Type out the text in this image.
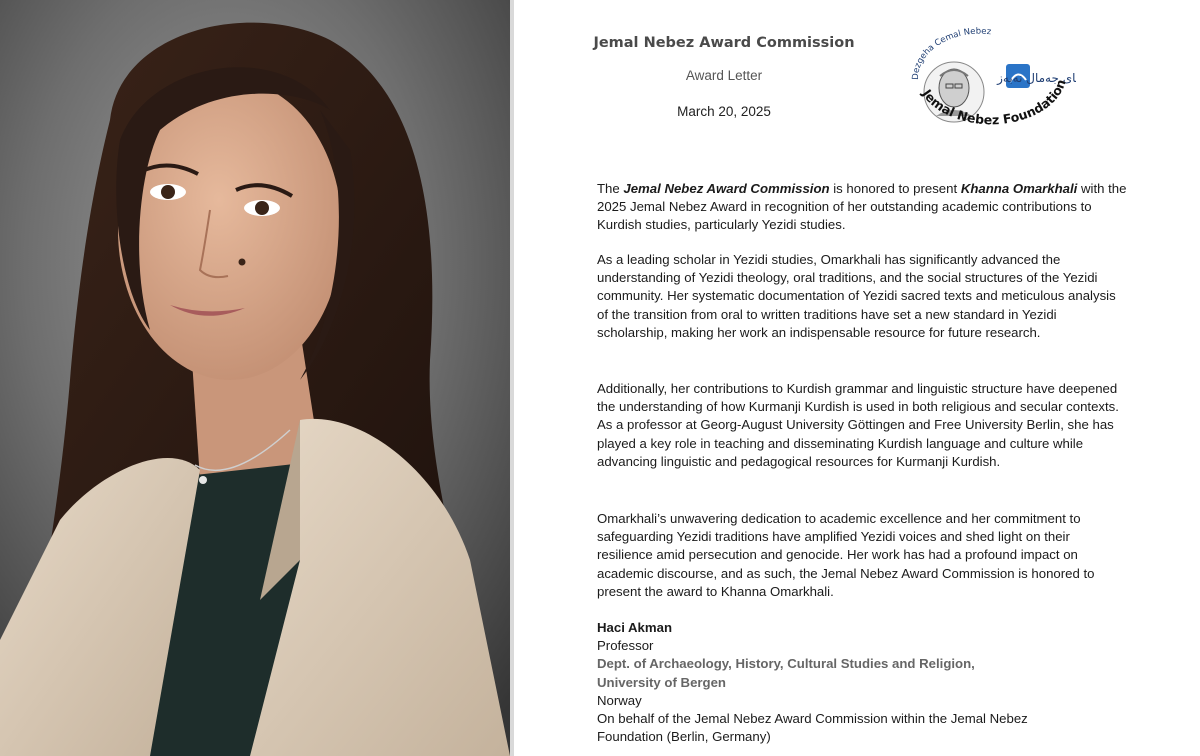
Jemal Nebez Award Commission
Award Letter
March 20, 2025
ای جەمال نەبەز
Dezgeha Cemal Nebez
Jemal Nebez Foundation
The Jemal Nebez Award Commission is honored to present Khanna Omarkhali with the 2025 Jemal Nebez Award in recognition of her outstanding academic contributions to Kurdish studies, particularly Yezidi studies.
As a leading scholar in Yezidi studies, Omarkhali has significantly advanced the understanding of Yezidi theology, oral traditions, and the social structures of the Yezidi community. Her systematic documentation of Yezidi sacred texts and meticulous analysis of the transition from oral to written traditions have set a new standard in Yezidi scholarship, making her work an indispensable resource for future research.
Additionally, her contributions to Kurdish grammar and linguistic structure have deepened the understanding of how Kurmanji Kurdish is used in both religious and secular contexts. As a professor at Georg-August University Göttingen and Free University Berlin, she has played a key role in teaching and disseminating Kurdish language and culture while advancing linguistic and pedagogical resources for Kurmanji Kurdish.
Omarkhali’s unwavering dedication to academic excellence and her commitment to safeguarding Yezidi traditions have amplified Yezidi voices and shed light on their resilience amid persecution and genocide. Her work has had a profound impact on academic discourse, and as such, the Jemal Nebez Award Commission is honored to present the award to Khanna Omarkhali.
Haci Akman
Professor
Dept. of Archaeology, History, Cultural Studies and Religion,
University of Bergen
Norway
On behalf of the Jemal Nebez Award Commission within the Jemal Nebez
Foundation (Berlin, Germany)
